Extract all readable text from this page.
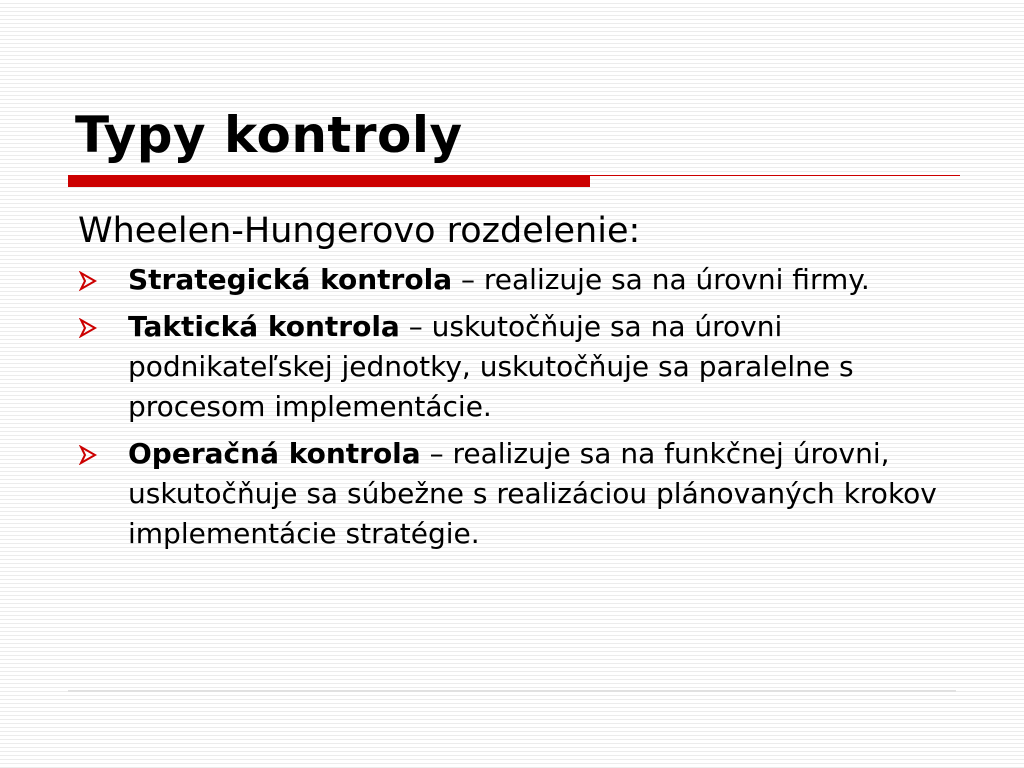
Typy kontroly

Wheelen-Hungerovo rozdelenie:

Strategická kontrola – realizuje sa na úrovni firmy.
Taktická kontrola – uskutočňuje sa na úrovni podnikateľskej jednotky, uskutočňuje sa paralelne s procesom implementácie.
Operačná kontrola – realizuje sa na funkčnej úrovni, uskutočňuje sa súbežne s realizáciou plánovaných krokov implementácie stratégie.
